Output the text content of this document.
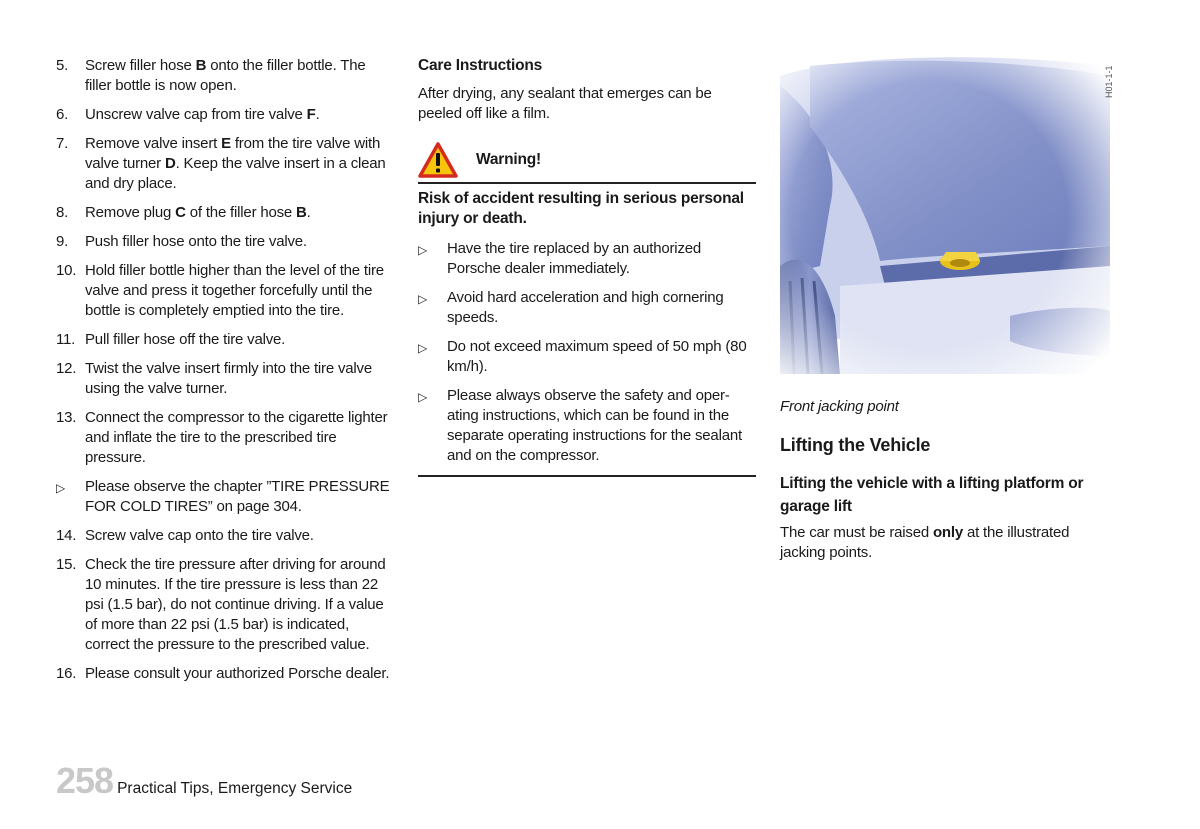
5.	Screw filler hose B onto the filler bottle. The filler bottle is now open.
6.	Unscrew valve cap from tire valve F.
7.	Remove valve insert E from the tire valve with valve turner D. Keep the valve insert in a clean and dry place.
8.	Remove plug C of the filler hose B.
9.	Push filler hose onto the tire valve.
10. Hold filler bottle higher than the level of the tire valve and press it together forcefully until the bottle is completely emptied into the tire.
11. Pull filler hose off the tire valve.
12. Twist the valve insert firmly into the tire valve using the valve turner.
13. Connect the compressor to the cigarette lighter and inflate the tire to the prescribed tire pressure.
▷	Please observe the chapter ”TIRE PRESSURE FOR COLD TIRES” on page 304.
14. Screw valve cap onto the tire valve.
15. Check the tire pressure after driving for around 10 minutes. If the tire pressure is less than 22 psi (1.5 bar), do not continue driving. If a value of more than 22 psi (1.5 bar) is indicated, correct the pressure to the prescribed value.
16. Please consult your authorized Porsche dealer.
Care Instructions
After drying, any sealant that emerges can be peeled off like a film.
Warning!
Risk of accident resulting in serious personal injury or death.
▷	Have the tire replaced by an authorized Porsche dealer immediately.
▷	Avoid hard acceleration and high cornering speeds.
▷	Do not exceed maximum speed of 50 mph (80 km/h).
▷	Please always observe the safety and oper-ating instructions, which can be found in the separate operating instructions for the sealant and on the compressor.
Front jacking point
Lifting the Vehicle
Lifting the vehicle with a lifting platform or garage lift
The car must be raised only at the illustrated jacking points.
H01-1-1
258 Practical Tips, Emergency Service
